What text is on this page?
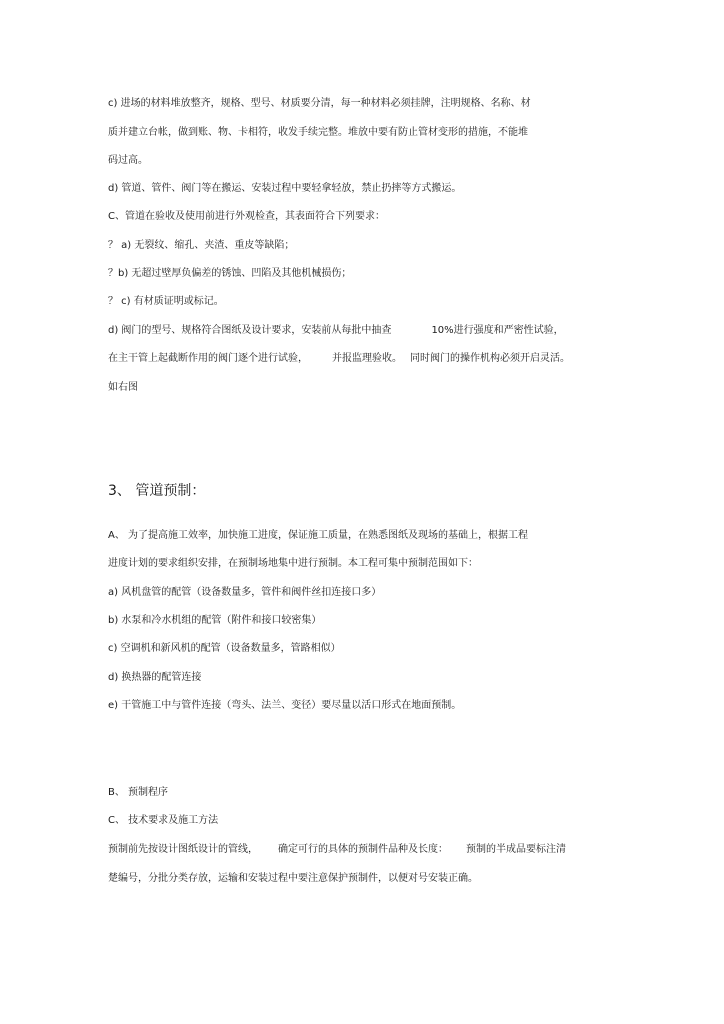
c) 进场的材料堆放整齐，规格、型号、材质要分清，每一种材料必须挂牌，注明规格、名称、材
质并建立台帐，做到账、物、卡相符，收发手续完整。堆放中要有防止管材变形的措施，不能堆
码过高。
d) 管道、管件、阀门等在搬运、安装过程中要轻拿轻放，禁止扔摔等方式搬运。
C、管道在验收及使用前进行外观检查，其表面符合下列要求：
？ a) 无裂纹、缩孔、夹渣、重皮等缺陷；
？b) 无超过壁厚负偏差的锈蚀、凹陷及其他机械损伤；
？ c) 有材质证明或标记。
d) 阀门的型号、规格符合图纸及设计要求，安装前从每批中抽查	10%进行强度和严密性试验，
在主干管上起截断作用的阀门逐个进行试验， 并报监理验收。 同时阀门的操作机构必须开启灵活。
如右图
3、 管道预制：
A、 为了提高施工效率，加快施工进度，保证施工质量，在熟悉图纸及现场的基础上，根据工程
进度计划的要求组织安排，在预制场地集中进行预制。本工程可集中预制范围如下：
a) 风机盘管的配管（设备数量多，管件和阀件丝扣连接口多）
b) 水泵和冷水机组的配管（附件和接口较密集）
c) 空调机和新风机的配管（设备数量多，管路相似）
d) 换热器的配管连接
e) 干管施工中与管件连接（弯头、法兰、变径）要尽量以活口形式在地面预制。
B、 预制程序
C、 技术要求及施工方法
预制前先按设计图纸设计的管线， 确定可行的具体的预制件品种及长度： 预制的半成品要标注清
楚编号，分批分类存放，运输和安装过程中要注意保护预制件，以便对号安装正确。
